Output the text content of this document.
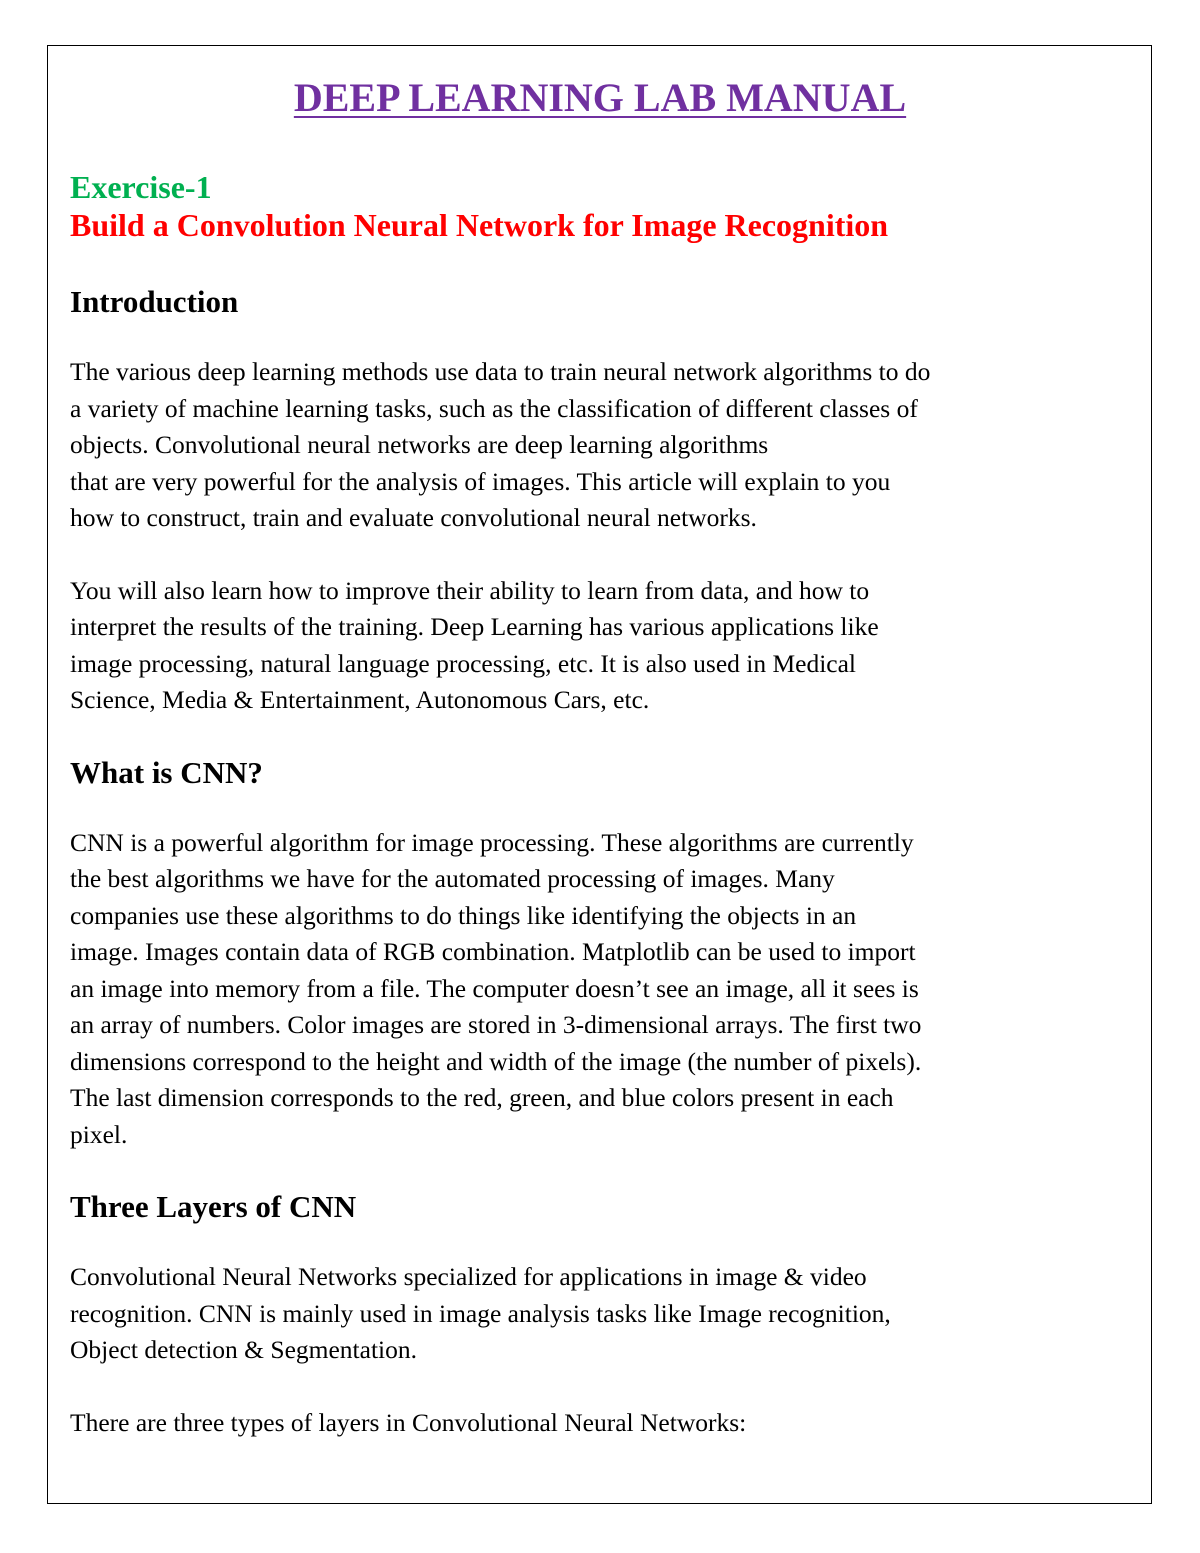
DEEP LEARNING LAB MANUAL
Exercise-1
Build a Convolution Neural Network for Image Recognition
Introduction

The various deep learning methods use data to train neural network algorithms to do
a variety of machine learning tasks, such as the classification of different classes of
objects. Convolutional neural networks are deep learning algorithms
that are very powerful for the analysis of images. This article will explain to you
how to construct, train and evaluate convolutional neural networks.

You will also learn how to improve their ability to learn from data, and how to
interpret the results of the training. Deep Learning has various applications like
image processing, natural language processing, etc. It is also used in Medical
Science, Media & Entertainment, Autonomous Cars, etc.

What is CNN?

CNN is a powerful algorithm for image processing. These algorithms are currently
the best algorithms we have for the automated processing of images. Many
companies use these algorithms to do things like identifying the objects in an
image. Images contain data of RGB combination. Matplotlib can be used to import
an image into memory from a file. The computer doesn’t see an image, all it sees is
an array of numbers. Color images are stored in 3-dimensional arrays. The first two
dimensions correspond to the height and width of the image (the number of pixels).
The last dimension corresponds to the red, green, and blue colors present in each
pixel.

Three Layers of CNN

Convolutional Neural Networks specialized for applications in image & video
recognition. CNN is mainly used in image analysis tasks like Image recognition,
Object detection & Segmentation.

There are three types of layers in Convolutional Neural Networks:
